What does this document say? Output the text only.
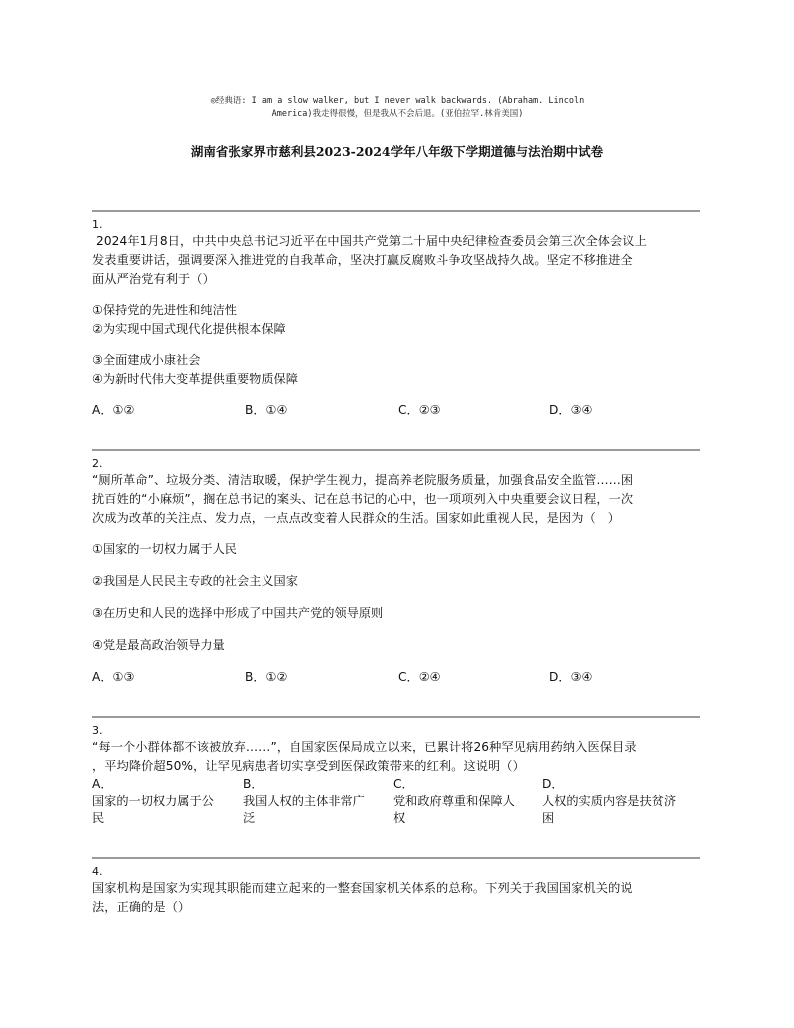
◎经典语: I am a slow walker, but I never walk backwards. (Abraham. Lincoln
America)我走得很慢，但是我从不会后退。(亚伯拉罕.林肯美国)
湖南省张家界市慈利县2023-2024学年八年级下学期道德与法治期中试卷
1.
2024年1月8日，中共中央总书记习近平在中国共产党第二十届中央纪律检查委员会第三次全体会议上
发表重要讲话，强调要深入推进党的自我革命，坚决打赢反腐败斗争攻坚战持久战。坚定不移推进全
面从严治党有利于（）
①保持党的先进性和纯洁性
②为实现中国式现代化提供根本保障
③全面建成小康社会
④为新时代伟大变革提供重要物质保障
A．①②	B．①④	C．②③	D．③④
2.
“厕所革命”、垃圾分类、清洁取暖，保护学生视力，提高养老院服务质量，加强食品安全监管……困
扰百姓的“小麻烦”，搁在总书记的案头、记在总书记的心中，也一项项列入中央重要会议日程，一次
次成为改革的关注点、发力点，一点点改变着人民群众的生活。国家如此重视人民，是因为（   ）
①国家的一切权力属于人民
②我国是人民民主专政的社会主义国家
③在历史和人民的选择中形成了中国共产党的领导原则
④党是最高政治领导力量
A．①③	B．①②	C．②④	D．③④
3.
“每一个小群体都不该被放弃……”，自国家医保局成立以来，已累计将26种罕见病用药纳入医保目录
，平均降价超50%，让罕见病患者切实享受到医保政策带来的红利。这说明（）
A．
国家的一切权力属于公
民
B．
我国人权的主体非常广
泛
C．
党和政府尊重和保障人
权
D．
人权的实质内容是扶贫济
困
4.
国家机构是国家为实现其职能而建立起来的一整套国家机关体系的总称。下列关于我国国家机关的说
法，正确的是（）
